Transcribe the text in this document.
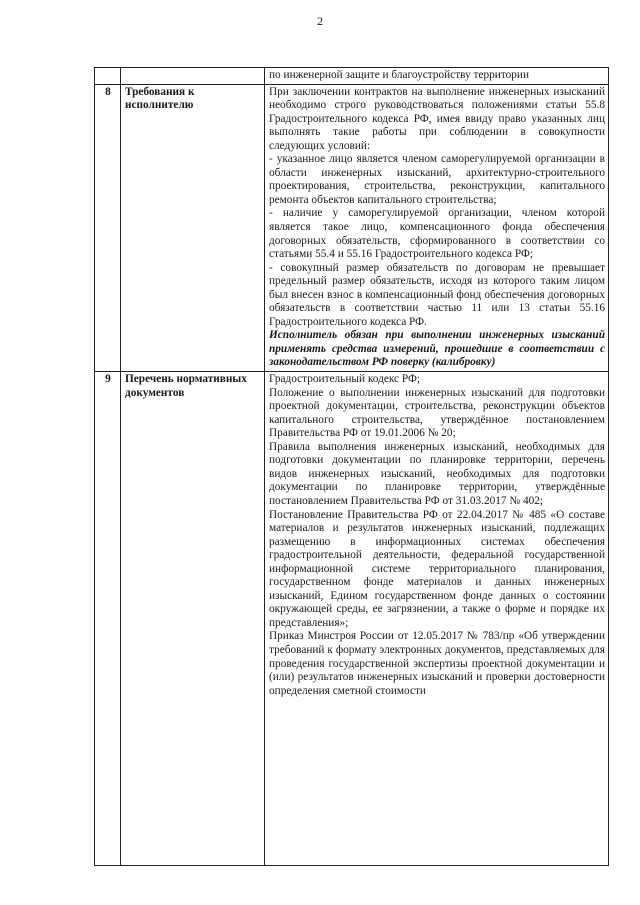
2
		по инженерной защите и благоустройству территории
8	Требования к исполнителю	При заключении контрактов на выполнение инженерных изысканий необходимо строго руководствоваться положениями статьи 55.8 Градостроительного кодекса РФ, имея ввиду право указанных лиц выполнять такие работы при соблюдении в совокупности следующих условий:

- указанное лицо является членом саморегулируемой организации в области инженерных изысканий, архитектурно-строительного проектирования, строительства, реконструкции, капитального ремонта объектов капитального строительства;

- наличие у саморегулируемой организации, членом которой является такое лицо, компенсационного фонда обеспечения договорных обязательств, сформированного в соответствии со статьями 55.4 и 55.16 Градостроительного кодекса РФ;

- совокупный размер обязательств по договорам не превышает предельный размер обязательств, исходя из которого таким лицом был внесен взнос в компенсационный фонд обеспечения договорных обязательств в соответствии частью 11 или 13 статьи 55.16 Градостроительного кодекса РФ.

Исполнитель обязан при выполнении инженерных изысканий применять средства измерений, прошедшие в соответствии с законодательством РФ поверку (калибровку)

9	Перечень нормативных документов	Градостроительный кодекс РФ;

Положение о выполнении инженерных изысканий для подготовки проектной документации, строительства, реконструкции объектов капитального строительства, утверждённое постановлением Правительства РФ от 19.01.2006 № 20;

Правила выполнения инженерных изысканий, необходимых для подготовки документации по планировке территории, перечень видов инженерных изысканий, необходимых для подготовки документации по планировке территории, утверждённые постановлением Правительства РФ от 31.03.2017 № 402;

Постановление Правительства РФ от 22.04.2017 № 485 «О составе материалов и результатов инженерных изысканий, подлежащих размещению в информационных системах обеспечения градостроительной деятельности, федеральной государственной информационной системе территориального планирования, государственном фонде материалов и данных инженерных изысканий, Едином государственном фонде данных о состоянии окружающей среды, ее загрязнении, а также о форме и порядке их представления»;

Приказ Минстроя России от 12.05.2017 № 783/пр «Об утверждении требований к формату электронных документов, представляемых для проведения государственной экспертизы проектной документации и (или) результатов инженерных изысканий и проверки достоверности определения сметной стоимости
